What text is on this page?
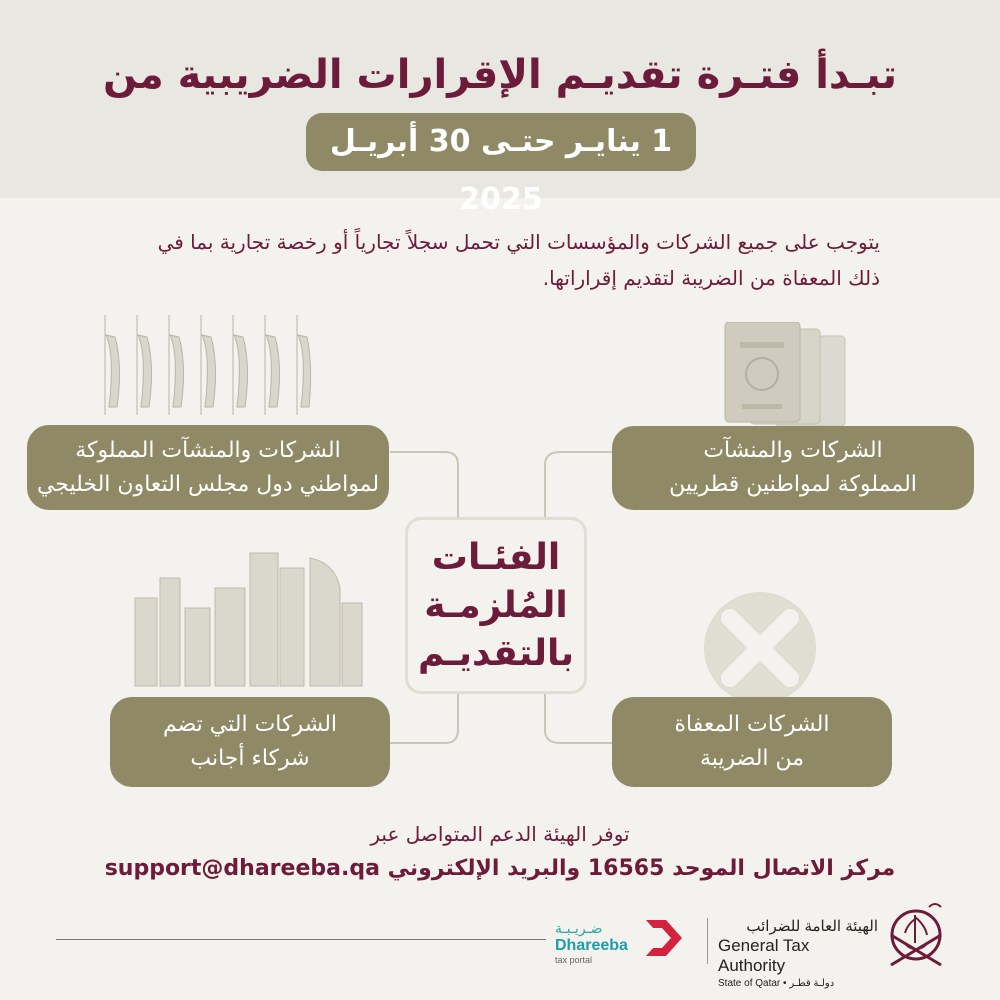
تبـدأ فتـرة تقديـم الإقرارات الضريبية من
1 ينايـر حتـى 30 أبريـل 2025
يتوجب على جميع الشركات والمؤسسات التي تحمل سجلاً تجارياً أو رخصة تجارية بما في
ذلك المعفاة من الضريبة لتقديم إقراراتها.
الشركات والمنشآت المملوكة
لمواطني دول مجلس التعاون الخليجي
الشركات والمنشآت
المملوكة لمواطنين قطريين
الشركات التي تضم
شركاء أجانب
الشركات المعفاة
من الضريبة
الفئـات
المُلزمـة
بالتقديـم
توفر الهيئة الدعم المتواصل عبر
مركز الاتصال الموحد 16565 والبريد الإلكتروني support@dhareeba.qa
ضـريـبـة
Dhareeba
tax portal
الهيئة العامة للضرائب
General Tax Authority
State of Qatar • دولـة قطـر
